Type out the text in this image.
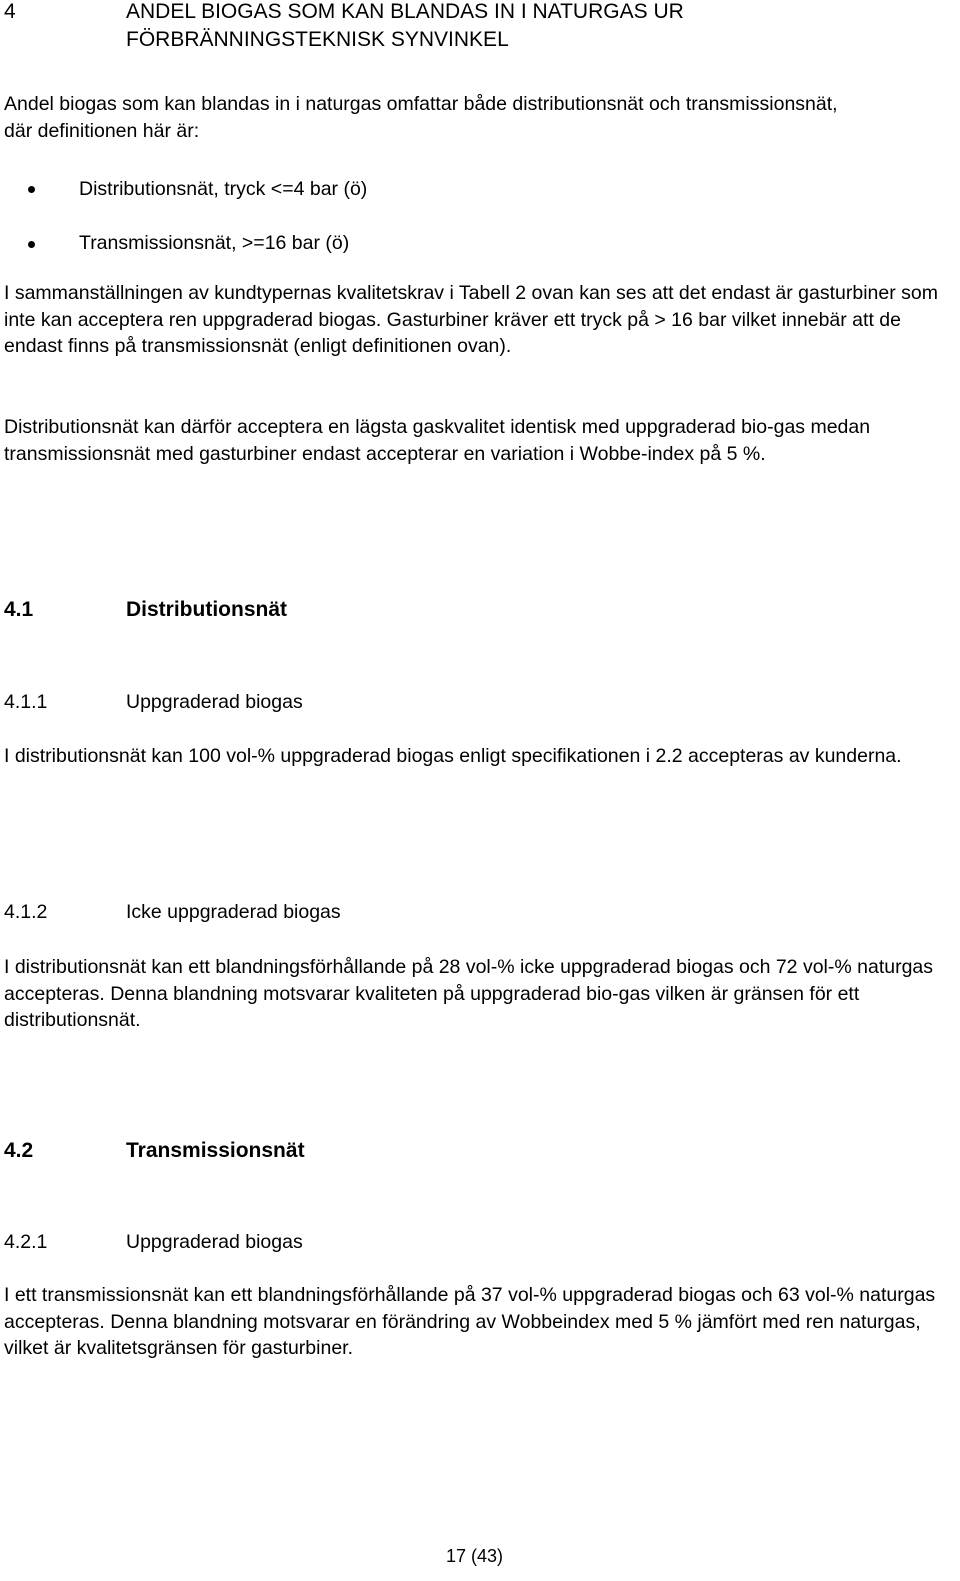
4	ANDEL BIOGAS SOM KAN BLANDAS IN I NATURGAS UR
FÖRBRÄNNINGSTEKNISK SYNVINKEL

Andel biogas som kan blandas in i naturgas omfattar både distributionsnät och transmissionsnät, där definitionen här är:

Distributionsnät, tryck <=4 bar (ö)
Transmissionsnät, >=16 bar (ö)

I sammanställningen av kundtypernas kvalitetskrav i Tabell 2 ovan kan ses att det endast är gasturbiner som inte kan acceptera ren uppgraderad biogas. Gasturbiner kräver ett tryck på > 16 bar vilket innebär att de endast finns på transmissionsnät (enligt definitionen ovan).

Distributionsnät kan därför acceptera en lägsta gaskvalitet identisk med uppgraderad bio-gas medan transmissionsnät med gasturbiner endast accepterar en variation i Wobbe-index på 5 %.

4.1	Distributionsnät
4.1.1	Uppgraderad biogas

I distributionsnät kan 100 vol-% uppgraderad biogas enligt specifikationen i 2.2 accepteras av kunderna.

4.1.2	Icke uppgraderad biogas

I distributionsnät kan ett blandningsförhållande på 28 vol-% icke uppgraderad biogas och 72 vol-% naturgas accepteras. Denna blandning motsvarar kvaliteten på uppgraderad bio-gas vilken är gränsen för ett distributionsnät.

4.2	Transmissionsnät
4.2.1	Uppgraderad biogas

I ett transmissionsnät kan ett blandningsförhållande på 37 vol-% uppgraderad biogas och 63 vol-% naturgas accepteras. Denna blandning motsvarar en förändring av Wobbeindex med 5 % jämfört med ren naturgas, vilket är kvalitetsgränsen för gasturbiner.

17 (43)
